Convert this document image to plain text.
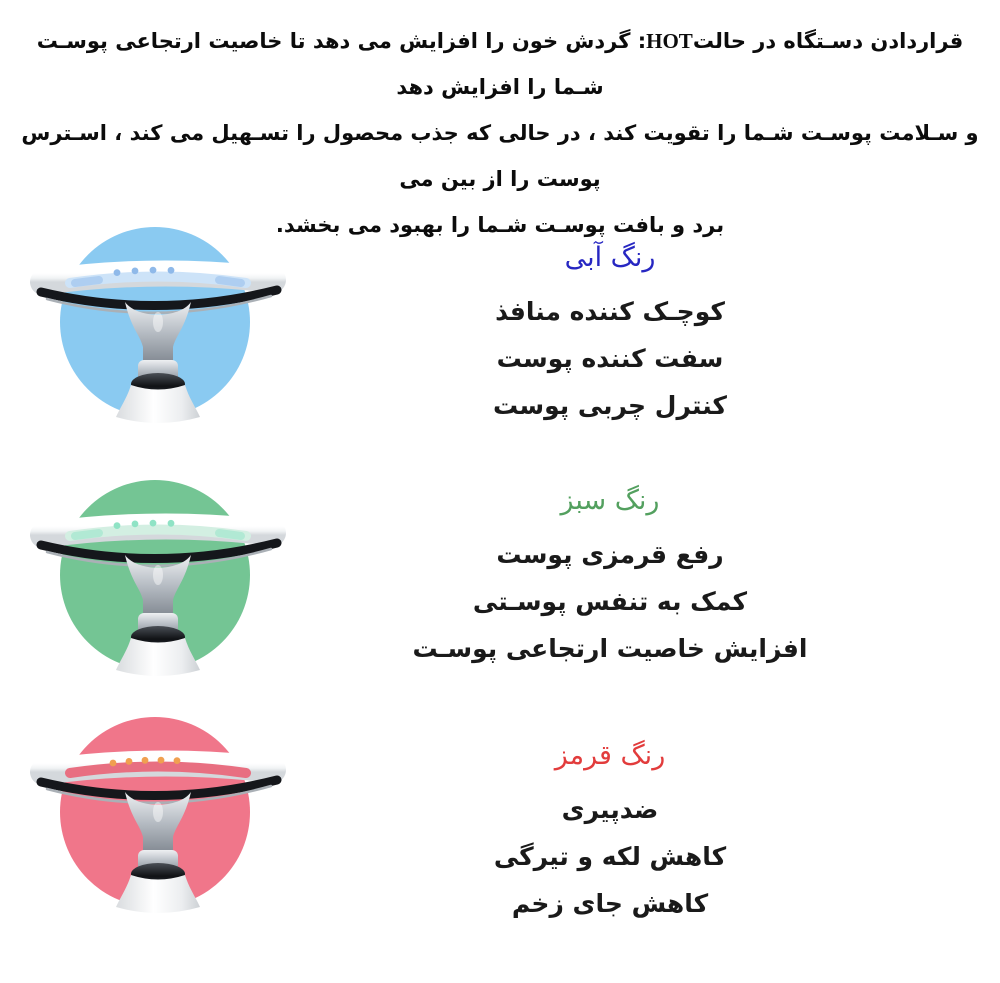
قراردادن دسـتگاه در حالتHOT: گردش خون را افزایش می دهد تا خاصیت ارتجاعی پوسـت شـما را افزایش دهد
و سـلامت پوسـت شـما را تقویت کند ، در حالی که جذب محصول را تسـهیل می کند ، اسـترس پوست را از بین می
برد و بافت پوسـت شـما را بهبود می بخشد.
رنگ آبی
کوچـک کننده منافذ
سفت کننده پوست
کنترل چربی پوست
رنگ سبز
رفع قرمزی پوست
کمک به تنفس پوسـتی
افزایش خاصیت ارتجاعی پوسـت
رنگ قرمز
ضدپیری
کاهش لکه و تیرگی
کاهش جای زخم
